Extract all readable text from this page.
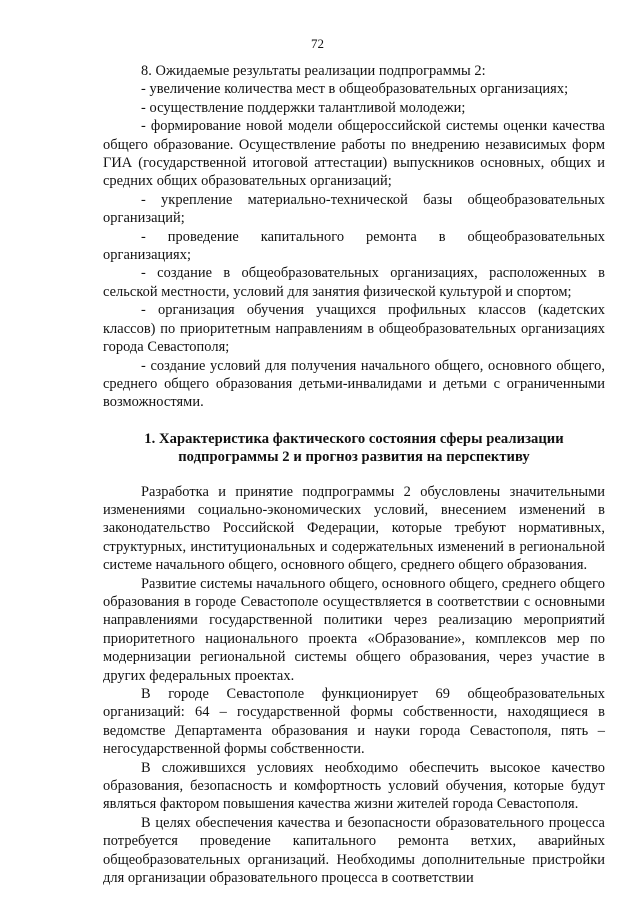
72

8. Ожидаемые результаты реализации подпрограммы 2:

- увеличение количества мест в общеобразовательных организациях;

- осуществление поддержки талантливой молодежи;

- формирование новой модели общероссийской системы оценки качества общего образование. Осуществление работы по внедрению независимых форм ГИА (государственной итоговой аттестации) выпускников основных, общих и средних общих образовательных организаций;

- укрепление материально-технической базы общеобразовательных организаций;

- проведение капитального ремонта в общеобразовательных организациях;

- создание в общеобразовательных организациях, расположенных в сельской местности, условий для занятия физической культурой и спортом;

- организация обучения учащихся профильных классов (кадетских классов) по приоритетным направлениям в общеобразовательных организациях города Севастополя;

- создание условий для получения начального общего, основного общего, среднего общего образования детьми-инвалидами и детьми с ограниченными возможностями.

1. Характеристика фактического состояния сферы реализации
подпрограммы 2 и прогноз развития на перспективу

Разработка и принятие подпрограммы 2 обусловлены значительными изменениями социально-экономических условий, внесением изменений в законодательство Российской Федерации, которые требуют нормативных, структурных, институциональных и содержательных изменений в региональной системе начального общего, основного общего, среднего общего образования.

Развитие системы начального общего, основного общего, среднего общего образования в городе Севастополе осуществляется в соответствии с основными направлениями государственной политики через реализацию мероприятий приоритетного национального проекта «Образование», комплексов мер по модернизации региональной системы общего образования, через участие в других федеральных проектах.

В городе Севастополе функционирует 69 общеобразовательных организаций: 64 – государственной формы собственности, находящиеся в ведомстве Департамента образования и науки города Севастополя, пять – негосударственной формы собственности.

В сложившихся условиях необходимо обеспечить высокое качество образования, безопасность и комфортность условий обучения, которые будут являться фактором повышения качества жизни жителей города Севастополя.

В целях обеспечения качества и безопасности образовательного процесса потребуется проведение капитального ремонта ветхих, аварийных общеобразовательных организаций. Необходимы дополнительные пристройки для организации образовательного процесса в соответствии
